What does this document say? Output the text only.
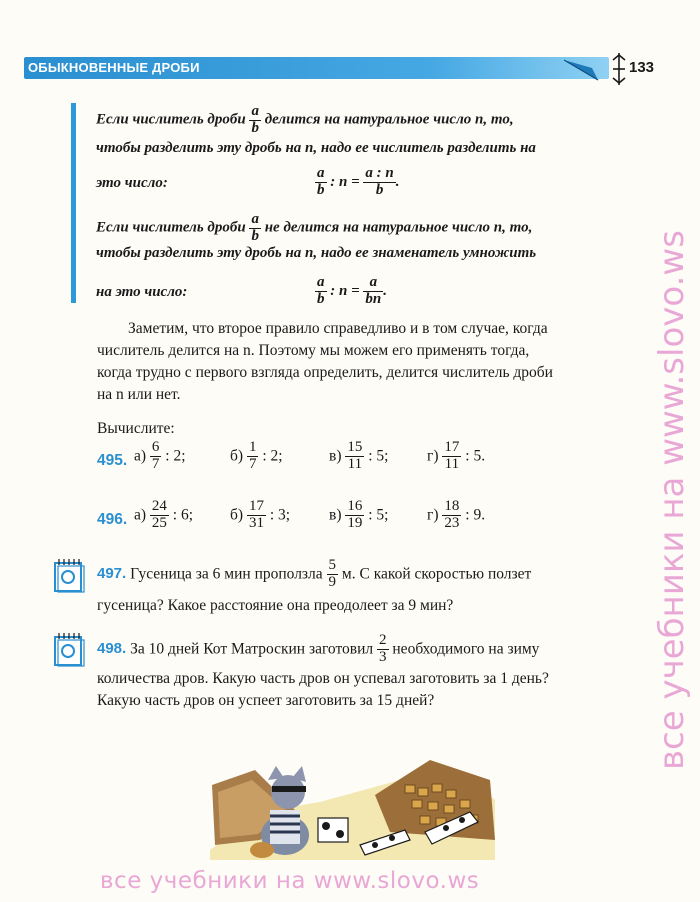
ОБЫКНОВЕННЫЕ ДРОБИ	133
Если числитель дроби $\frac{a}{b}$ делится на натуральное число n, то,
чтобы разделить эту дробь на n, надо ее числитель разделить на
это число:	$\frac{a}{b}$ : $n = \frac{a : n}{b}$ .
Если числитель дроби $\frac{a}{b}$ не делится на натуральное число n, то,
чтобы разделить эту дробь на n, надо ее знаменатель умножить
на это число:	$\frac{a}{b}$ : $n = \frac{a}{bn}$ .
Заметим, что второе правило справедливо и в том случае, когда
числитель делится на n. Поэтому мы можем его применять тогда,
когда трудно с первого взгляда определить, делится числитель дроби
на n или нет.
Вычислите:
495. $а) \frac{6}{7}$ : 2;	$б) \frac{1}{7}$ : 2;	$в) \frac{15}{11}$ : 5; $г) \frac{17}{11}$ : 5.
496. $а) \frac{24}{25}$ : 6; $б) \frac{17}{31}$ : 3;	$в) \frac{16}{19}$ : 5; $г) \frac{18}{23}$ : 9.
497. Гусеница за 6 мин проползла $\frac{5}{9} м$. С какой скоростью ползет
гусеница? Какое расстояние она преодолеет за 9 мин?
498. За 10 дней Кот Матроскин заготовил $\frac{2}{3}$ необходимого на зиму
количества дров. Какую часть дров он успевал заготовить за 1 день?
Какую часть дров он успеет заготовить за 15 дней?	все учебники на www.slovo.ws
все учебники на www.slovo.ws
